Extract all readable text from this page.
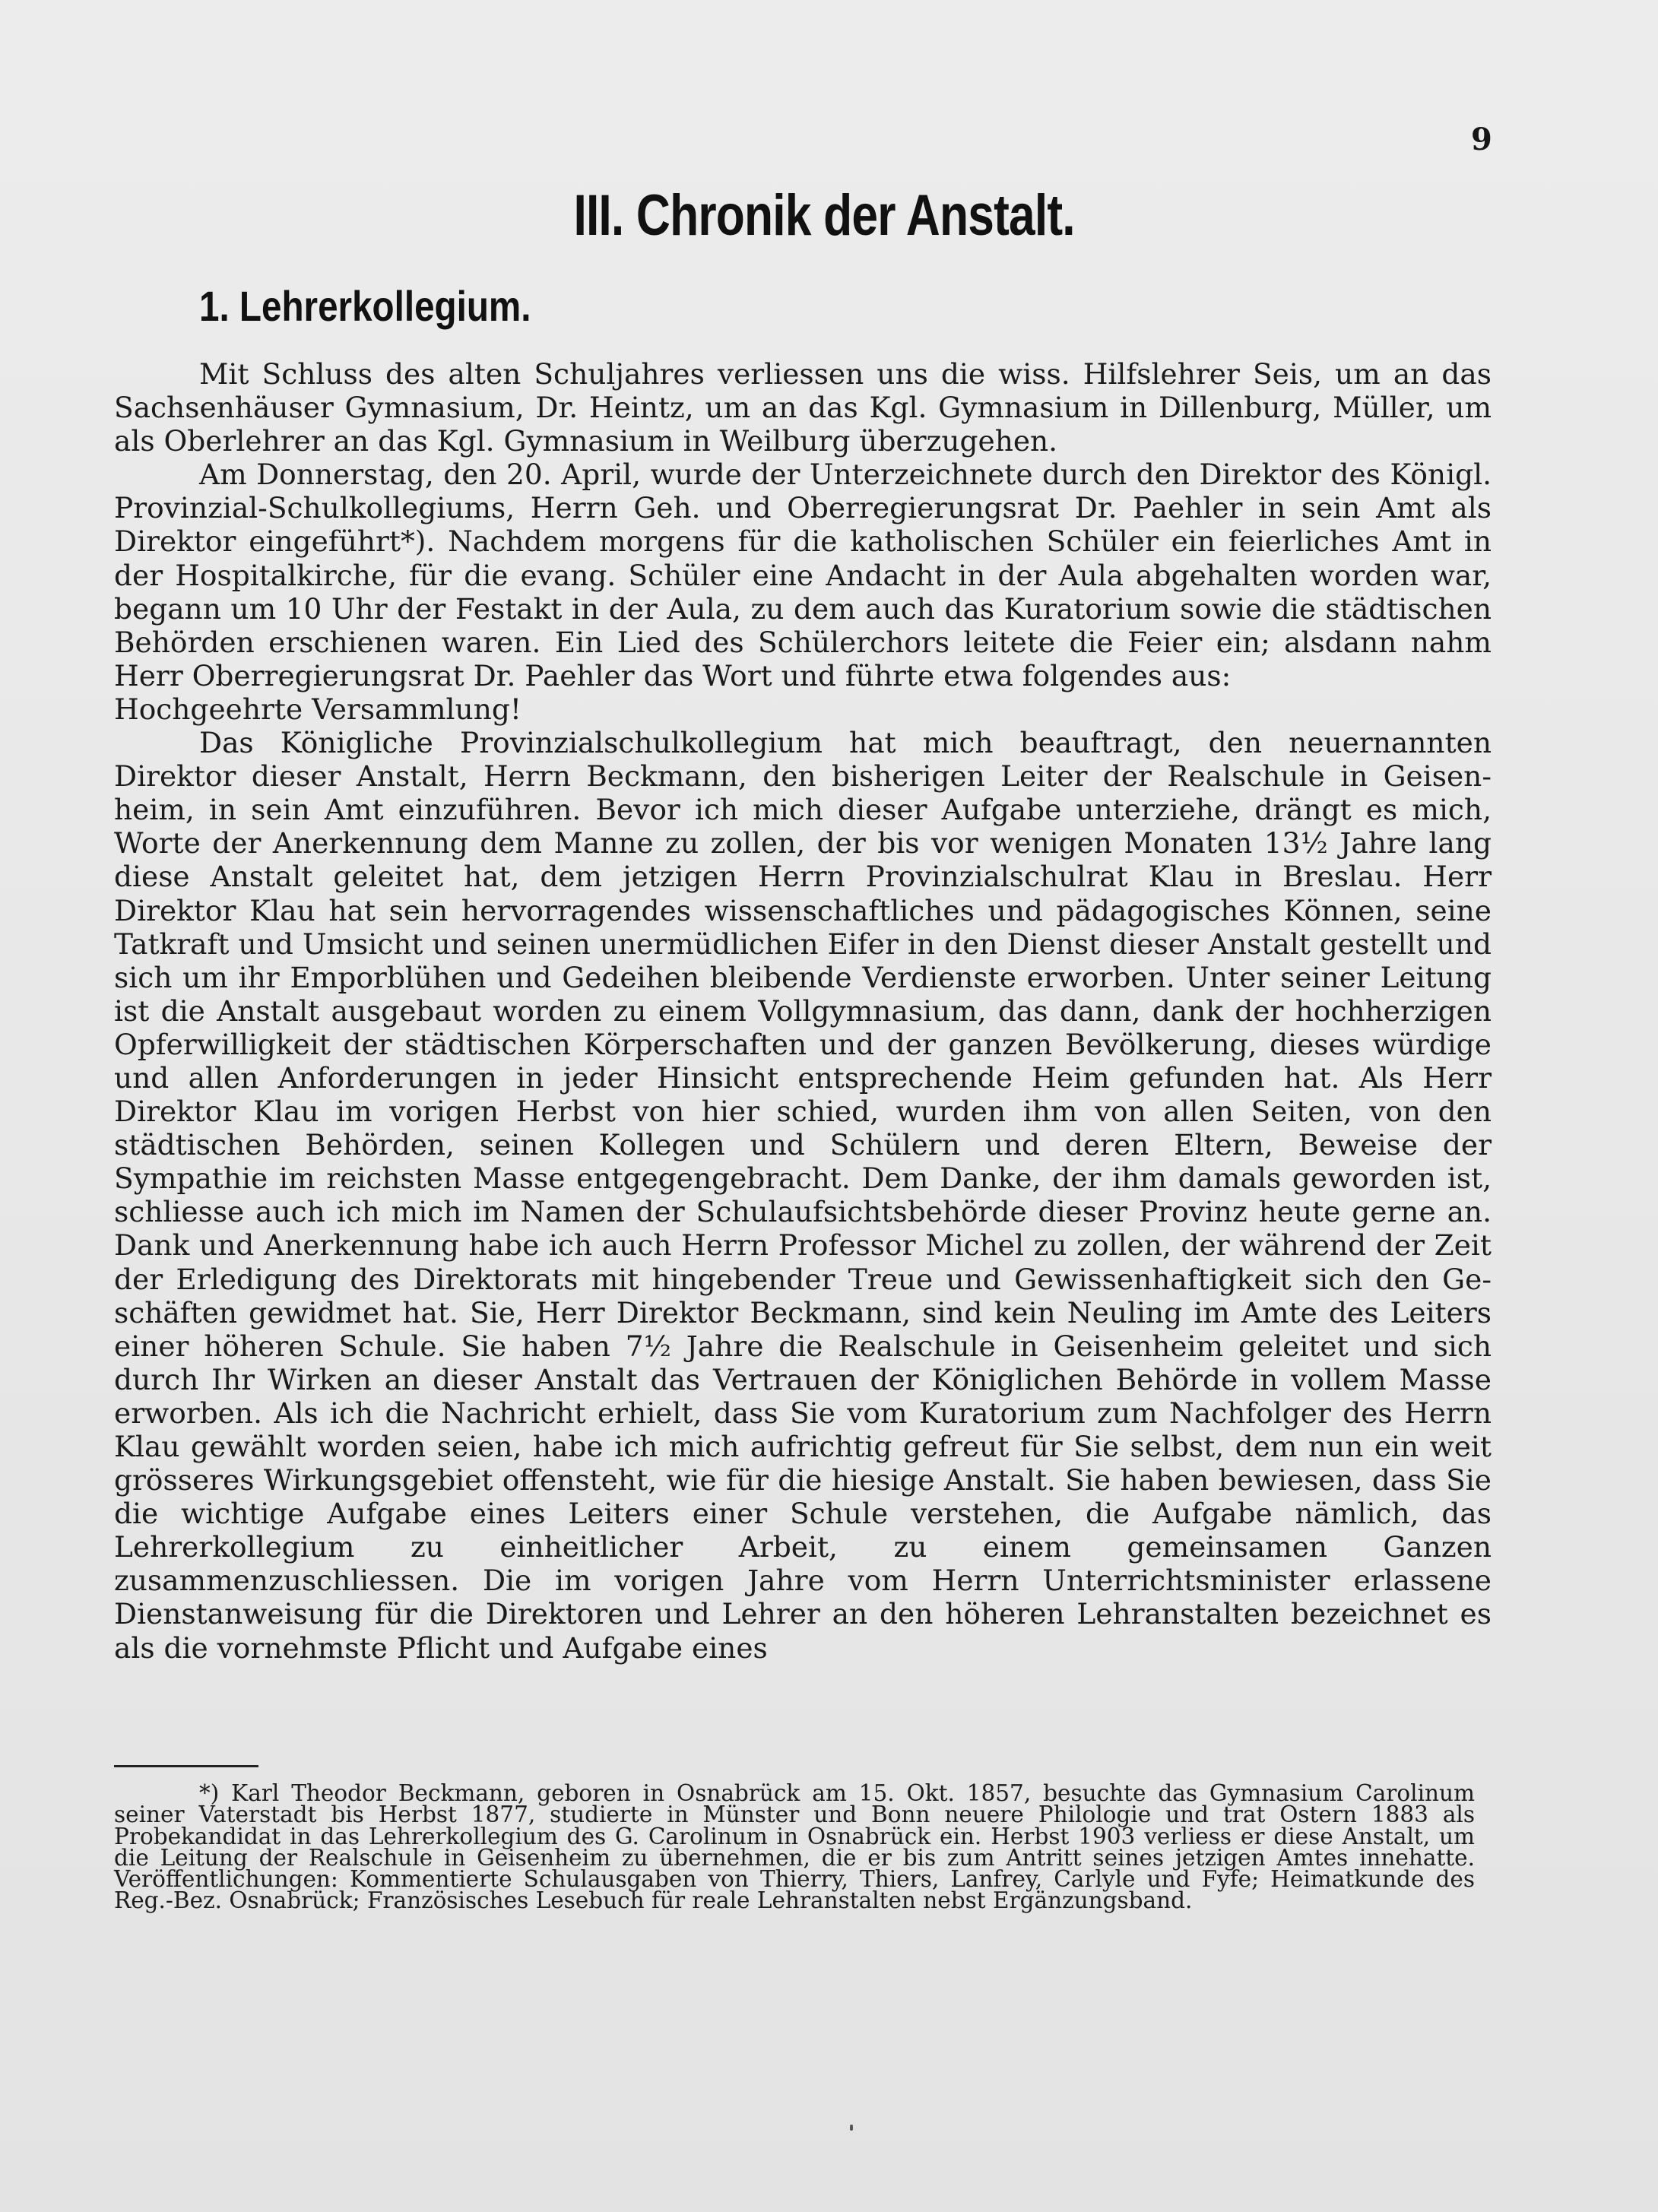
9
III. Chronik der Anstalt.
1. Lehrerkollegium.

Mit Schluss des alten Schuljahres verliessen uns die wiss. Hilfslehrer Seis, um an das Sachsenhäuser Gymnasium, Dr. Heintz, um an das Kgl. Gymnasium in Dillenburg, Müller, um als Oberlehrer an das Kgl. Gymnasium in Weilburg überzugehen.

Am Donnerstag, den 20. April, wurde der Unterzeichnete durch den Direktor des Königl. Provinzial-Schulkollegiums, Herrn Geh. und Oberregierungsrat Dr. Paehler in sein Amt als Direktor eingeführt*). Nachdem morgens für die katholischen Schüler ein feierliches Amt in der Hospitalkirche, für die evang. Schüler eine Andacht in der Aula abgehalten worden war, begann um 10 Uhr der Festakt in der Aula, zu dem auch das Kuratorium sowie die städtischen Behörden erschienen waren. Ein Lied des Schülerchors leitete die Feier ein; alsdann nahm Herr Oberregierungsrat Dr. Paehler das Wort und führte etwa folgendes aus:

Hochgeehrte Versammlung!

Das Königliche Provinzialschulkollegium hat mich beauftragt, den neuernannten Direktor dieser Anstalt, Herrn Beckmann, den bisherigen Leiter der Realschule in Geisenheim, in sein Amt einzuführen. Bevor ich mich dieser Aufgabe unterziehe, drängt es mich, Worte der Anerkennung dem Manne zu zollen, der bis vor wenigen Monaten 13½ Jahre lang diese Anstalt geleitet hat, dem jetzigen Herrn Provinzialschulrat Klau in Breslau. Herr Direktor Klau hat sein hervorragendes wissenschaftliches und pädagogisches Können, seine Tatkraft und Umsicht und seinen unermüdlichen Eifer in den Dienst dieser Anstalt gestellt und sich um ihr Emporblühen und Gedeihen bleibende Verdienste erworben. Unter seiner Leitung ist die Anstalt ausgebaut worden zu einem Vollgymnasium, das dann, dank der hochherzigen Opferwilligkeit der städtischen Körperschaften und der ganzen Bevölkerung, dieses würdige und allen Anforderungen in jeder Hinsicht entsprechende Heim gefunden hat. Als Herr Direktor Klau im vorigen Herbst von hier schied, wurden ihm von allen Seiten, von den städtischen Behörden, seinen Kollegen und Schülern und deren Eltern, Beweise der Sympathie im reichsten Masse entgegengebracht. Dem Danke, der ihm damals geworden ist, schliesse auch ich mich im Namen der Schulaufsichtsbehörde dieser Provinz heute gerne an. Dank und Anerkennung habe ich auch Herrn Professor Michel zu zollen, der während der Zeit der Erledigung des Direktorats mit hingebender Treue und Gewissenhaftigkeit sich den Geschäften gewidmet hat. Sie, Herr Direktor Beckmann, sind kein Neuling im Amte des Leiters einer höheren Schule. Sie haben 7½ Jahre die Realschule in Geisenheim geleitet und sich durch Ihr Wirken an dieser Anstalt das Vertrauen der Königlichen Behörde in vollem Masse erworben. Als ich die Nachricht erhielt, dass Sie vom Kuratorium zum Nachfolger des Herrn Klau gewählt worden seien, habe ich mich aufrichtig gefreut für Sie selbst, dem nun ein weit grösseres Wirkungsgebiet offensteht, wie für die hiesige Anstalt. Sie haben bewiesen, dass Sie die wichtige Aufgabe eines Leiters einer Schule verstehen, die Aufgabe nämlich, das Lehrerkollegium zu einheitlicher Arbeit, zu einem gemeinsamen Ganzen zusammenzuschliessen. Die im vorigen Jahre vom Herrn Unterrichtsminister erlassene Dienstanweisung für die Direktoren und Lehrer an den höheren Lehranstalten bezeichnet es als die vornehmste Pflicht und Aufgabe eines

*) Karl Theodor Beckmann, geboren in Osnabrück am 15. Okt. 1857, besuchte das Gymnasium Carolinum seiner Vaterstadt bis Herbst 1877, studierte in Münster und Bonn neuere Philologie und trat Ostern 1883 als Probekandidat in das Lehrerkollegium des G. Carolinum in Osnabrück ein. Herbst 1903 verliess er diese Anstalt, um die Leitung der Realschule in Geisenheim zu übernehmen, die er bis zum Antritt seines jetzigen Amtes innehatte. Veröffentlichungen: Kommentierte Schulausgaben von Thierry, Thiers, Lanfrey, Carlyle und Fyfe; Heimatkunde des Reg.-Bez. Osnabrück; Französisches Lesebuch für reale Lehranstalten nebst Ergänzungsband.
